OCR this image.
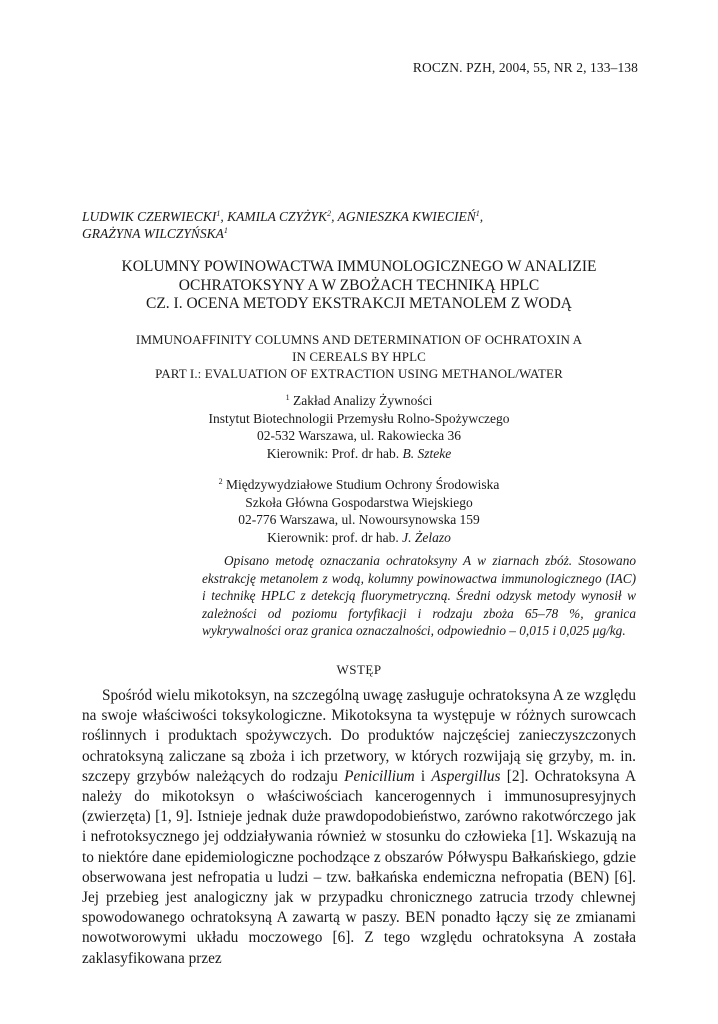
ROCZN. PZH, 2004, 55, NR 2, 133–138
LUDWIK CZERWIECKI$^1$, KAMILA CZYŻYK$^2$, AGNIESZKA KWIECIEŃ$^1$,
GRAŻYNA WILCZYŃSKA$^1$
KOLUMNY POWINOWACTWA IMMUNOLOGICZNEGO W ANALIZIE
OCHRATOKSYNY A W ZBOŻACH TECHNIKĄ HPLC
CZ. I. OCENA METODY EKSTRAKCJI METANOLEM Z WODĄ
IMMUNOAFFINITY COLUMNS AND DETERMINATION OF OCHRATOXIN A
IN CEREALS BY HPLC
PART I.: EVALUATION OF EXTRACTION USING METHANOL/WATER
$^1$ Zakład Analizy Żywności
Instytut Biotechnologii Przemysłu Rolno-Spożywczego
02-532 Warszawa, ul. Rakowiecka 36
Kierownik: Prof. dr hab. B. Szteke
$^2$ Międzywydziałowe Studium Ochrony Środowiska
Szkoła Główna Gospodarstwa Wiejskiego
02-776 Warszawa, ul. Nowoursynowska 159
Kierownik: prof. dr hab. J. Żelazo

Opisano metodę oznaczania ochratoksyny A w ziarnach zbóż. Stosowano ekstrakcję metanolem z wodą, kolumny powinowactwa immunologicznego (IAC) i technikę HPLC z detekcją fluorymetryczną. Średni odzysk metody wynosił w zależności od poziomu fortyfikacji i rodzaju zboża 65–78 %, granica wykrywalności oraz granica oznaczalności, odpowiednio – 0,015 i 0,025 μg/kg.

WSTĘP

Spośród wielu mikotoksyn, na szczególną uwagę zasługuje ochratoksyna A ze względu na swoje właściwości toksykologiczne. Mikotoksyna ta występuje w różnych surowcach roślinnych i produktach spożywczych. Do produktów najczęściej zanieczyszczonych ochratoksyną zaliczane są zboża i ich przetwory, w których rozwijają się grzyby, m. in. szczepy grzybów należących do rodzaju Penicillium i Aspergillus [2]. Ochratoksyna A należy do mikotoksyn o właściwościach kancerogennych i immunosupresyjnych (zwierzęta) [1, 9]. Istnieje jednak duże prawdopodobieństwo, zarówno rakotwórczego jak i nefrotoksycznego jej oddziaływania również w stosunku do człowieka [1]. Wskazują na to niektóre dane epidemiologiczne pochodzące z obszarów Półwyspu Bałkańskiego, gdzie obserwowana jest nefropatia u ludzi – tzw. bałkańska endemiczna nefropatia (BEN) [6]. Jej przebieg jest analogiczny jak w przypadku chronicznego zatrucia trzody chlewnej spowodowanego ochratoksyną A zawartą w paszy. BEN ponadto łączy się ze zmianami nowotworowymi układu moczowego [6]. Z tego względu ochratoksyna A została zaklasyfikowana przez
